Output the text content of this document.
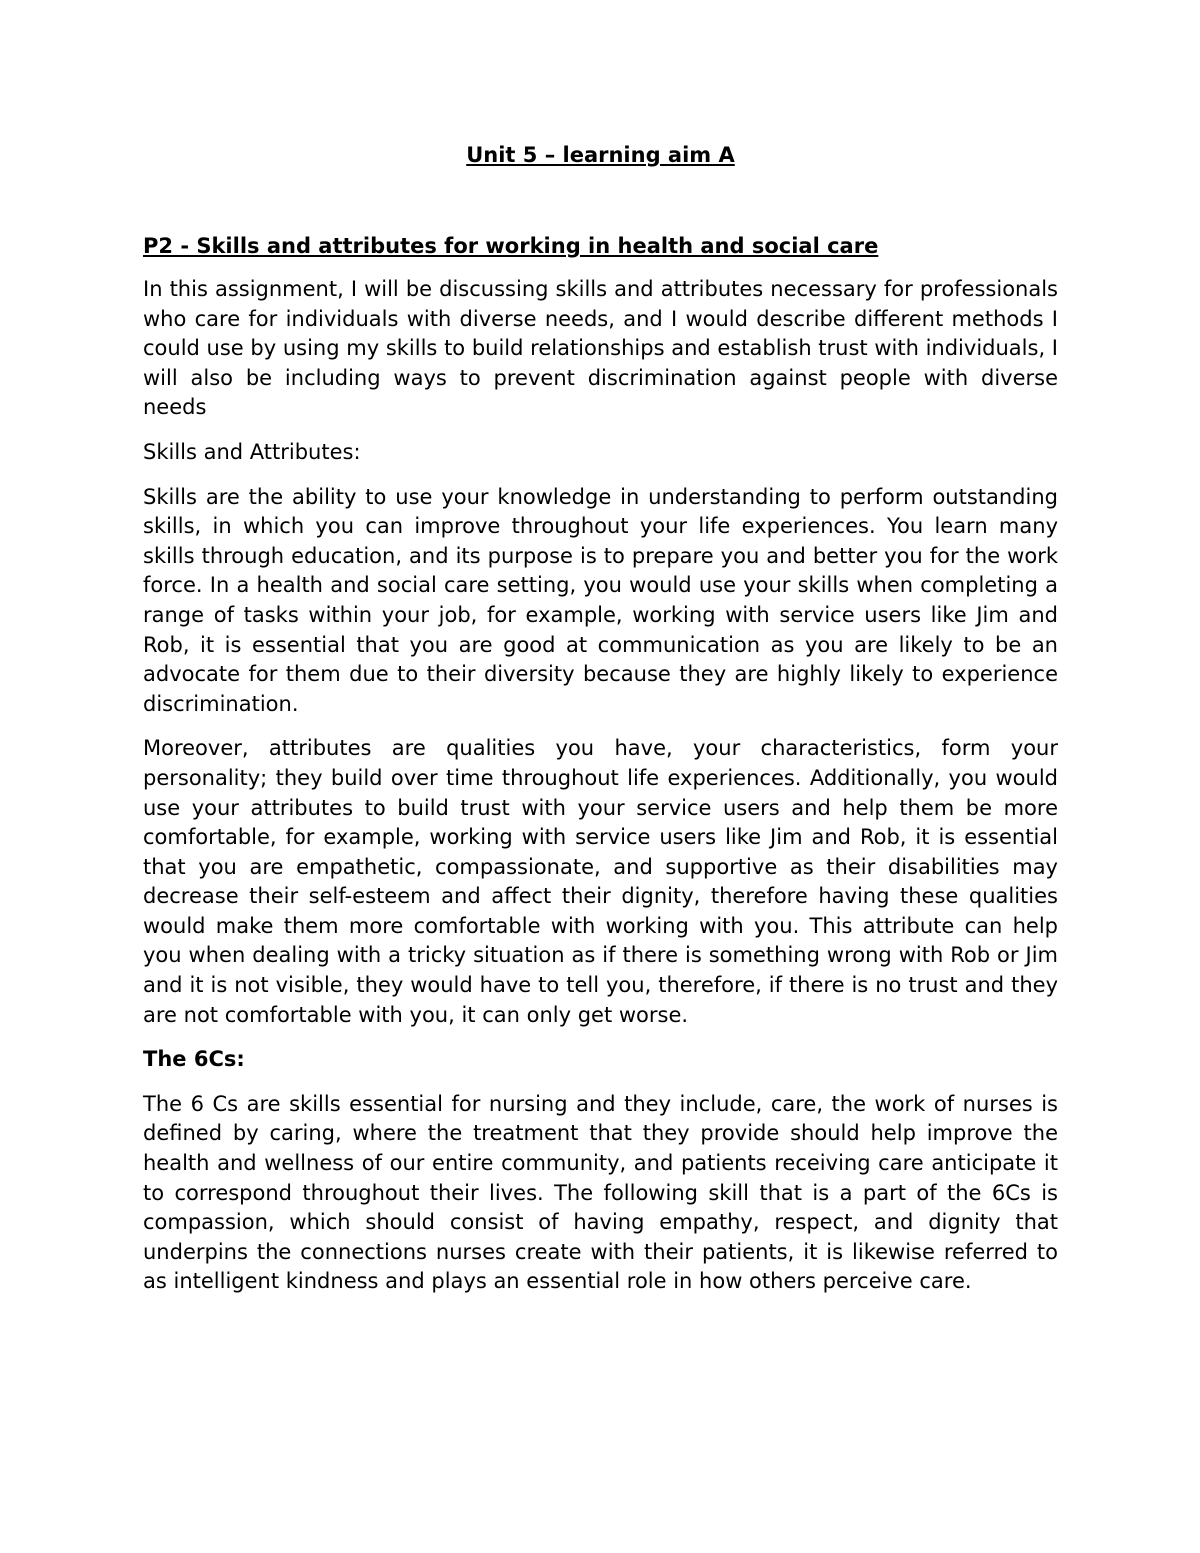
Unit 5 – learning aim A
P2 - Skills and attributes for working in health and social care

In this assignment, I will be discussing skills and attributes necessary for professionals who care for individuals with diverse needs, and I would describe different methods I could use by using my skills to build relationships and establish trust with individuals, I will also be including ways to prevent discrimination against people with diverse needs

Skills and Attributes:

Skills are the ability to use your knowledge in understanding to perform outstanding skills, in which you can improve throughout your life experiences. You learn many skills through education, and its purpose is to prepare you and better you for the work force. In a health and social care setting, you would use your skills when completing a range of tasks within your job, for example, working with service users like Jim and Rob, it is essential that you are good at communication as you are likely to be an advocate for them due to their diversity because they are highly likely to experience discrimination.

Moreover, attributes are qualities you have, your characteristics, form your personality; they build over time throughout life experiences. Additionally, you would use your attributes to build trust with your service users and help them be more comfortable, for example, working with service users like Jim and Rob, it is essential that you are empathetic, compassionate, and supportive as their disabilities may decrease their self-esteem and affect their dignity, therefore having these qualities would make them more comfortable with working with you. This attribute can help you when dealing with a tricky situation as if there is something wrong with Rob or Jim and it is not visible, they would have to tell you, therefore, if there is no trust and they are not comfortable with you, it can only get worse.

The 6Cs:

The 6 Cs are skills essential for nursing and they include, care, the work of nurses is defined by caring, where the treatment that they provide should help improve the health and wellness of our entire community, and patients receiving care anticipate it to correspond throughout their lives. The following skill that is a part of the 6Cs is compassion, which should consist of having empathy, respect, and dignity that underpins the connections nurses create with their patients, it is likewise referred to as intelligent kindness and plays an essential role in how others perceive care.
